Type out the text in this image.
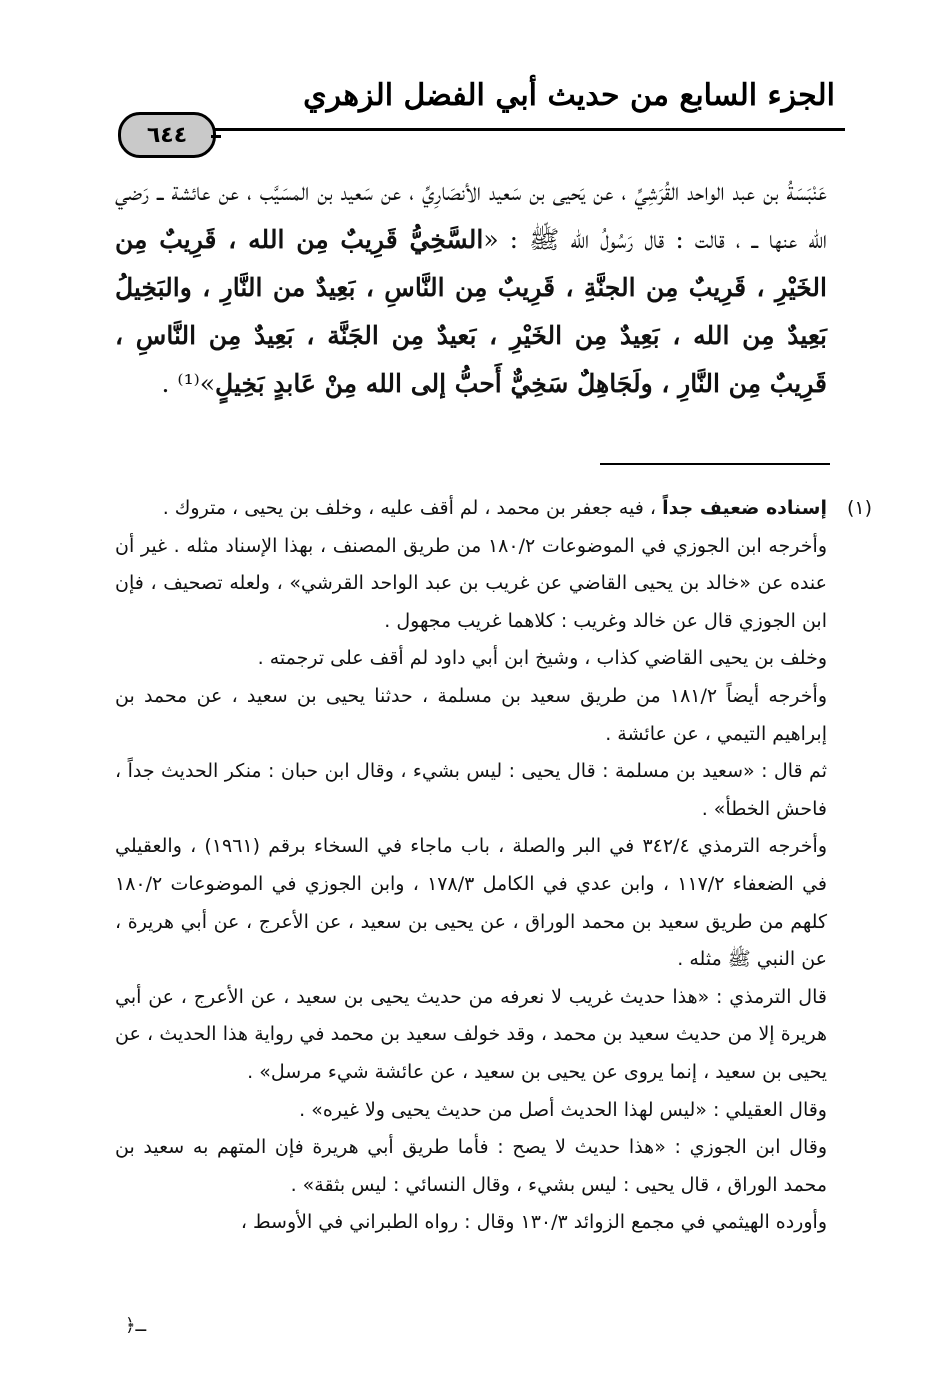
الجزء السابع من حديث أبي الفضل الزهري
٦٤٤

عَنْبَسَةُ بن عبد الواحد القُرَشِيِّ ، عن يَحيى بن سَعيد الأنصَارِيِّ ، عن سَعيد بن المسَيَّب ، عن عائشة ــ رَضي الله عنها ــ ، قالت : قال رَسُولُ اللّه ﷺ : «السَّخِيُّ قَرِيبٌ مِن الله ، قَرِيبٌ مِن الخَيْرِ ، قَرِيبٌ مِن الجنَّةِ ، قَرِيبٌ مِن النَّاسِ ، بَعِيدٌ من النَّارِ ، والبَخِيلُ بَعِيدٌ مِن الله ، بَعِيدٌ مِن الخَيْرِ ، بَعيدٌ مِن الجَنَّة ، بَعِيدٌ مِن النَّاسِ ، قَرِيبٌ مِن النَّارِ ، ولَجَاهِلٌ سَخِيٌّ أَحبُّ إلى الله مِنْ عَابدٍ بَخِيلٍ»⁽¹⁾ .

(١)
إسناده ضعيف جداً ، فيه جعفر بن محمد ، لم أقف عليه ، وخلف بن يحيى ، متروك .

وأخرجه ابن الجوزي في الموضوعات ١٨٠/٢ من طريق المصنف ، بهذا الإسناد مثله . غير أن عنده عن «خالد بن يحيى القاضي عن غريب بن عبد الواحد القرشي» ، ولعله تصحيف ، فإن ابن الجوزي قال عن خالد وغريب : كلاهما غريب مجهول .

وخلف بن يحيى القاضي كذاب ، وشيخ ابن أبي داود لم أقف على ترجمته .

وأخرجه أيضاً ١٨١/٢ من طريق سعيد بن مسلمة ، حدثنا يحيى بن سعيد ، عن محمد بن إبراهيم التيمي ، عن عائشة .

ثم قال : «سعيد بن مسلمة : قال يحيى : ليس بشيء ، وقال ابن حبان : منكر الحديث جداً ، فاحش الخطأ» .

وأخرجه الترمذي ٣٤٢/٤ في البر والصلة ، باب ماجاء في السخاء برقم (١٩٦١) ، والعقيلي في الضعفاء ١١٧/٢ ، وابن عدي في الكامل ١٧٨/٣ ، وابن الجوزي في الموضوعات ١٨٠/٢ كلهم من طريق سعيد بن محمد الوراق ، عن يحيى بن سعيد ، عن الأعرج ، عن أبي هريرة ، عن النبي ﷺ مثله .

قال الترمذي : «هذا حديث غريب لا نعرفه من حديث يحيى بن سعيد ، عن الأعرج ، عن أبي هريرة إلا من حديث سعيد بن محمد ، وقد خولف سعيد بن محمد في رواية هذا الحديث ، عن يحيى بن سعيد ، إنما يروى عن يحيى بن سعيد ، عن عائشة شيء مرسل» .

وقال العقيلي : «ليس لهذا الحديث أصل من حديث يحيى ولا غيره» .

وقال ابن الجوزي : «هذا حديث لا يصح : فأما طريق أبي هريرة فإن المتهم به سعيد بن محمد الوراق ، قال يحيى : ليس بشيء ، وقال النسائي : ليس بثقة» .

وأورده الهيثمي في مجمع الزوائد ١٣٠/٣ وقال : رواه الطبراني في الأوسط ،

﴿ــ
